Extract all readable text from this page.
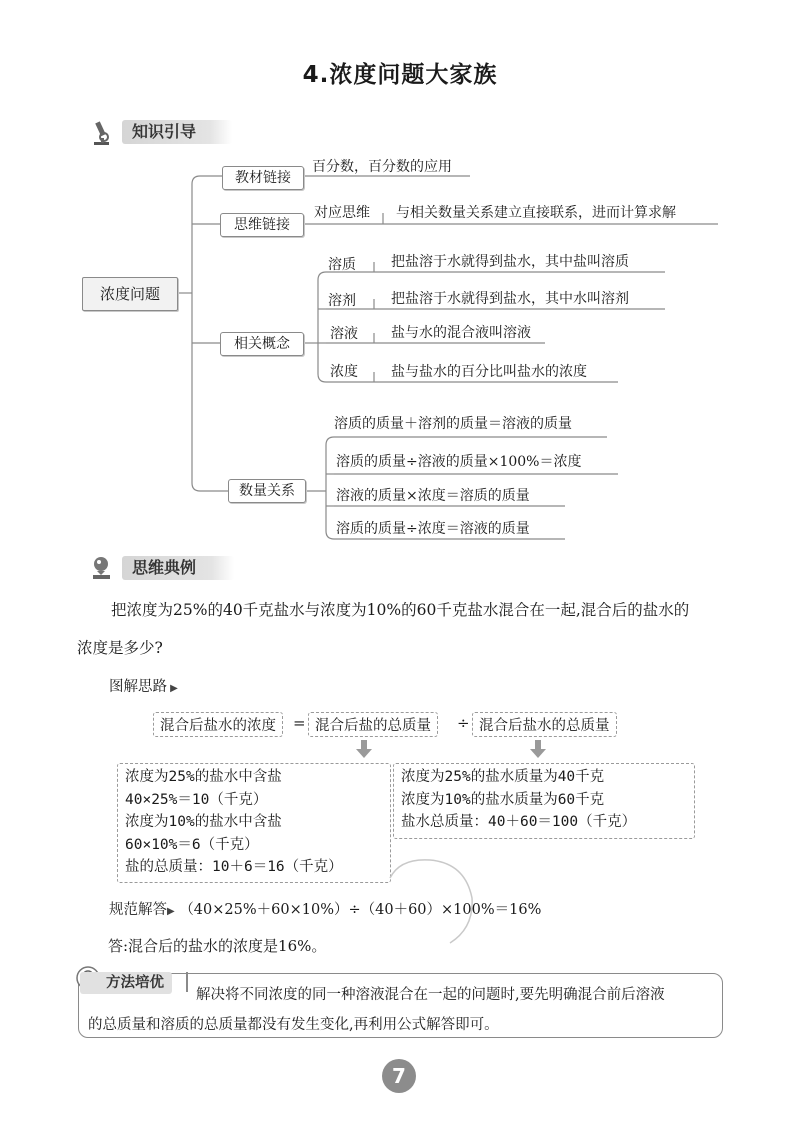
4.浓度问题大家族
知识引导
浓度问题
教材链接
百分数，百分数的应用
思维链接
对应思维 与相关数量关系建立直接联系，进而计算求解
相关概念
溶质	把盐溶于水就得到盐水，其中盐叫溶质
溶剂	把盐溶于水就得到盐水，其中水叫溶剂
溶液 盐与水的混合液叫溶液
浓度 盐与盐水的百分比叫盐水的浓度
数量关系
溶质的质量＋溶剂的质量＝溶液的质量
溶质的质量÷溶液的质量×100%＝浓度
溶液的质量×浓度＝溶质的质量
溶质的质量÷浓度＝溶液的质量
思维典例
把浓度为25%的40千克盐水与浓度为10%的60千克盐水混合在一起,混合后的盐水的
浓度是多少?
图解思路 ▶
混合后盐水的浓度	= 混合后盐的总质量	÷ 混合后盐水的总质量
浓度为25%的盐水中含盐
40×25%＝10（千克）
浓度为10%的盐水中含盐
60×10%＝6（千克）
盐的总质量：10＋6＝16（千克）
浓度为25%的盐水质量为40千克
浓度为10%的盐水质量为60千克
盐水总质量：40＋60＝100（千克）
规范解答▶ （40×25%＋60×10%）÷（40＋60）×100%＝16%
答:混合后的盐水的浓度是16%。
方法培优
解决将不同浓度的同一种溶液混合在一起的问题时,要先明确混合前后溶液
的总质量和溶质的总质量都没有发生变化,再利用公式解答即可。
7
